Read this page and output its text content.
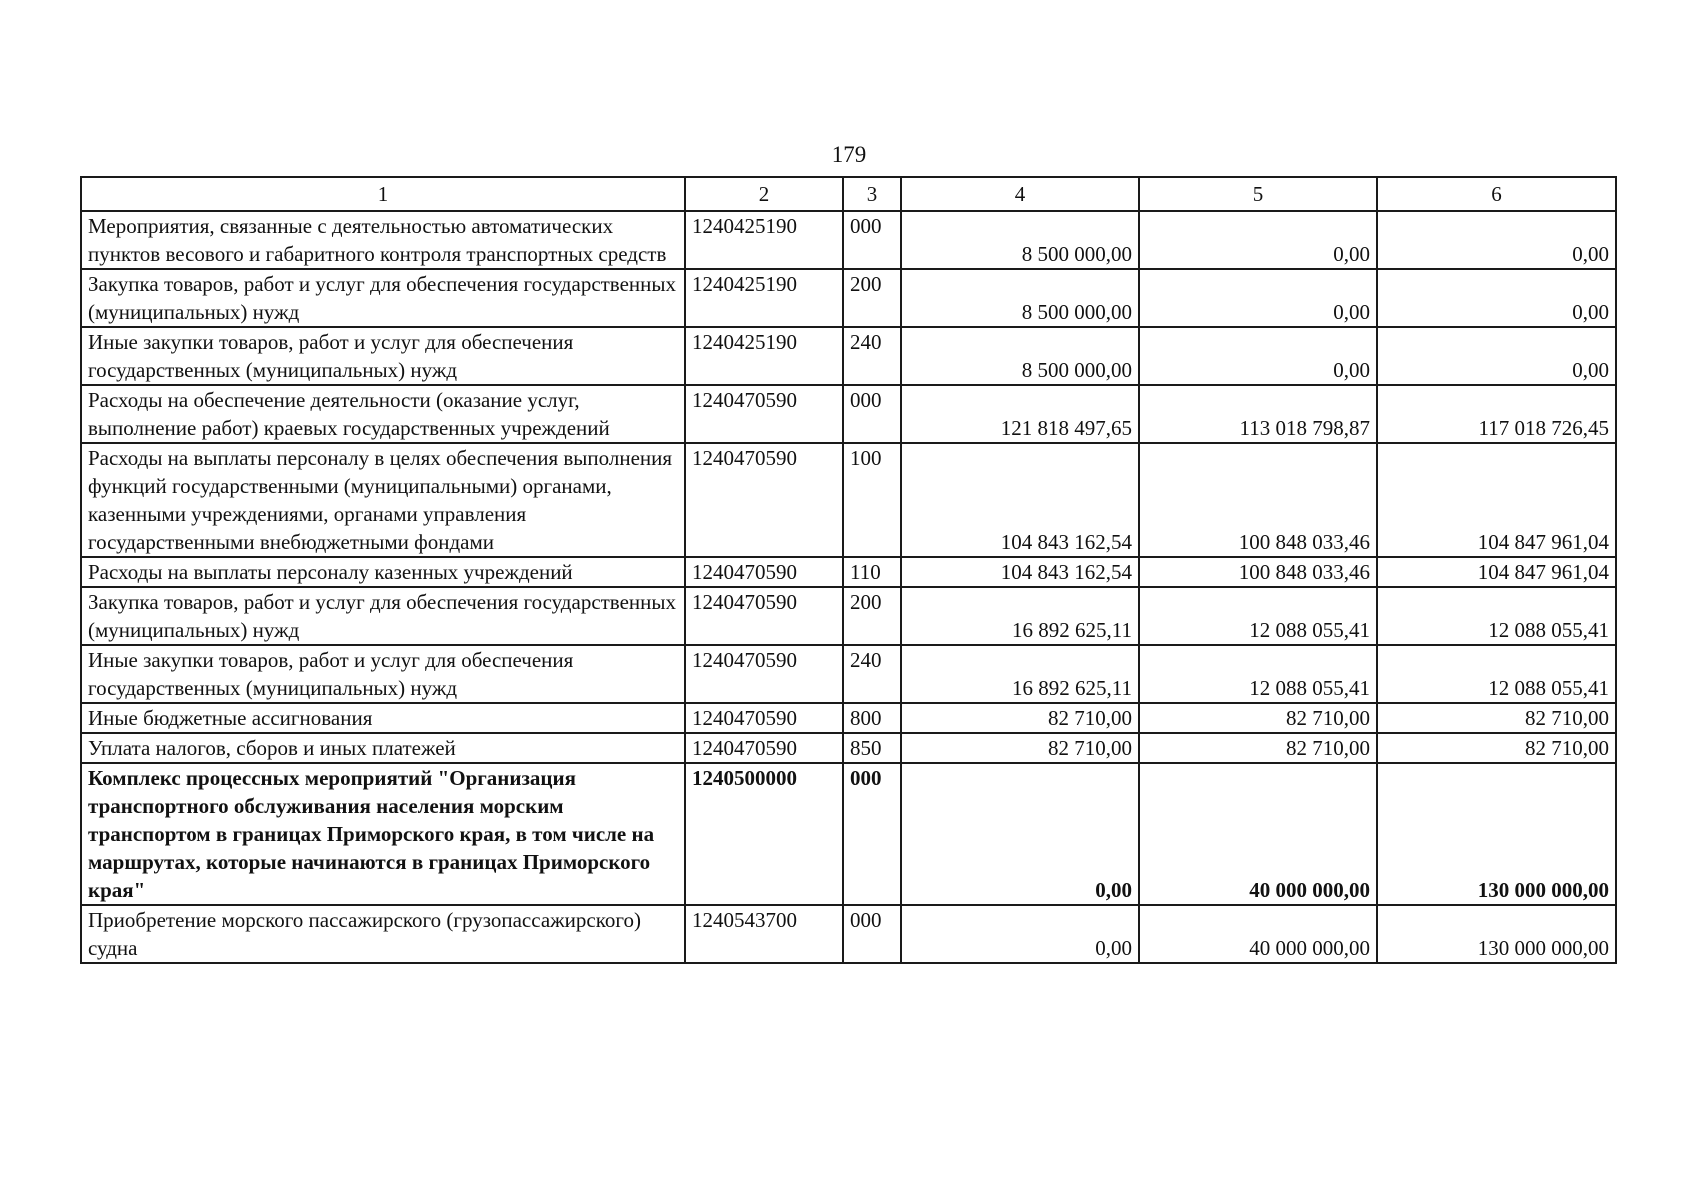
179
1	2	3	4	5	6
Мероприятия, связанные с деятельностью автоматических пунктов весового и габаритного контроля транспортных средств	1240425190	000	8 500 000,00	0,00	0,00
Закупка товаров, работ и услуг для обеспечения государственных (муниципальных) нужд	1240425190	200	8 500 000,00	0,00	0,00
Иные закупки товаров, работ и услуг для обеспечения государственных (муниципальных) нужд	1240425190	240	8 500 000,00	0,00	0,00
Расходы на обеспечение деятельности (оказание услуг, выполнение работ) краевых государственных учреждений	1240470590	000	121 818 497,65	113 018 798,87	117 018 726,45
Расходы на выплаты персоналу в целях обеспечения выполнения функций государственными (муниципальными) органами, казенными учреждениями, органами управления государственными внебюджетными фондами	1240470590	100	104 843 162,54	100 848 033,46	104 847 961,04
Расходы на выплаты персоналу казенных учреждений	1240470590	110	104 843 162,54	100 848 033,46	104 847 961,04
Закупка товаров, работ и услуг для обеспечения государственных (муниципальных) нужд	1240470590	200	16 892 625,11	12 088 055,41	12 088 055,41
Иные закупки товаров, работ и услуг для обеспечения государственных (муниципальных) нужд	1240470590	240	16 892 625,11	12 088 055,41	12 088 055,41
Иные бюджетные ассигнования	1240470590	800	82 710,00	82 710,00	82 710,00
Уплата налогов, сборов и иных платежей	1240470590	850	82 710,00	82 710,00	82 710,00
Комплекс процессных мероприятий "Организация транспортного обслуживания населения морским транспортом в границах Приморского края, в том числе на маршрутах, которые начинаются в границах Приморского края"	1240500000	000	0,00	40 000 000,00	130 000 000,00
Приобретение морского пассажирского (грузопассажирского) судна	1240543700	000	0,00	40 000 000,00	130 000 000,00
